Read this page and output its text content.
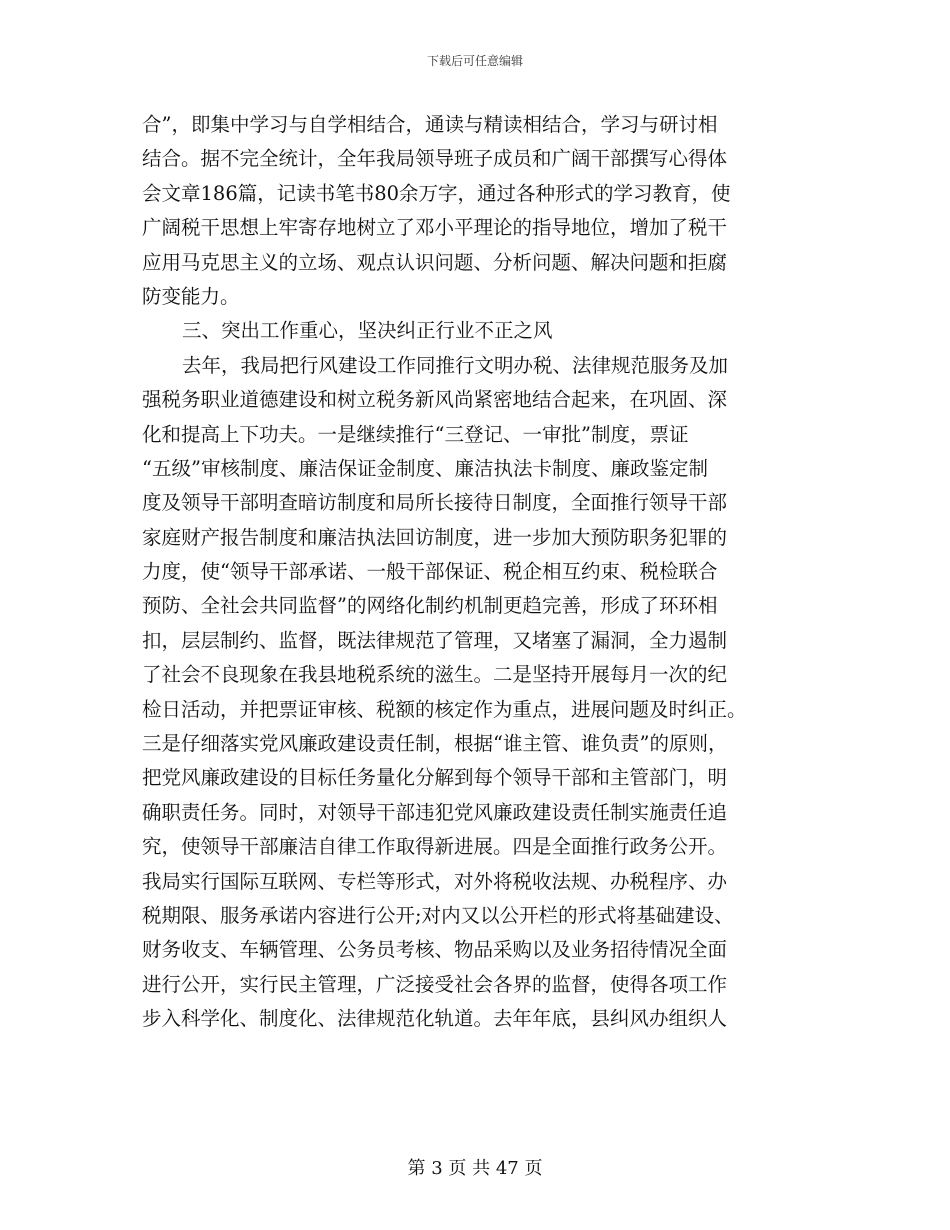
下载后可任意编辑
合”，即集中学习与自学相结合，通读与精读相结合，学习与研讨相
结合。据不完全统计，全年我局领导班子成员和广阔干部撰写心得体
会文章186篇，记读书笔书80余万字，通过各种形式的学习教育，使
广阔税干思想上牢寄存地树立了邓小平理论的指导地位，增加了税干
应用马克思主义的立场、观点认识问题、分析问题、解决问题和拒腐
防变能力。
三、突出工作重心，坚决纠正行业不正之风
去年，我局把行风建设工作同推行文明办税、法律规范服务及加
强税务职业道德建设和树立税务新风尚紧密地结合起来，在巩固、深
化和提高上下功夫。一是继续推行“三登记、一审批”制度，票证
“五级”审核制度、廉洁保证金制度、廉洁执法卡制度、廉政鉴定制
度及领导干部明查暗访制度和局所长接待日制度，全面推行领导干部
家庭财产报告制度和廉洁执法回访制度，进一步加大预防职务犯罪的
力度，使“领导干部承诺、一般干部保证、税企相互约束、税检联合
预防、全社会共同监督”的网络化制约机制更趋完善，形成了环环相
扣，层层制约、监督，既法律规范了管理，又堵塞了漏洞，全力遏制
了社会不良现象在我县地税系统的滋生。二是坚持开展每月一次的纪
检日活动，并把票证审核、税额的核定作为重点，进展问题及时纠正。
三是仔细落实党风廉政建设责任制，根据“谁主管、谁负责”的原则，
把党风廉政建设的目标任务量化分解到每个领导干部和主管部门，明
确职责任务。同时，对领导干部违犯党风廉政建设责任制实施责任追
究，使领导干部廉洁自律工作取得新进展。四是全面推行政务公开。
我局实行国际互联网、专栏等形式，对外将税收法规、办税程序、办
税期限、服务承诺内容进行公开;对内又以公开栏的形式将基础建设、
财务收支、车辆管理、公务员考核、物品采购以及业务招待情况全面
进行公开，实行民主管理，广泛接受社会各界的监督，使得各项工作
步入科学化、制度化、法律规范化轨道。去年年底，县纠风办组织人
第 3 页 共 47 页
